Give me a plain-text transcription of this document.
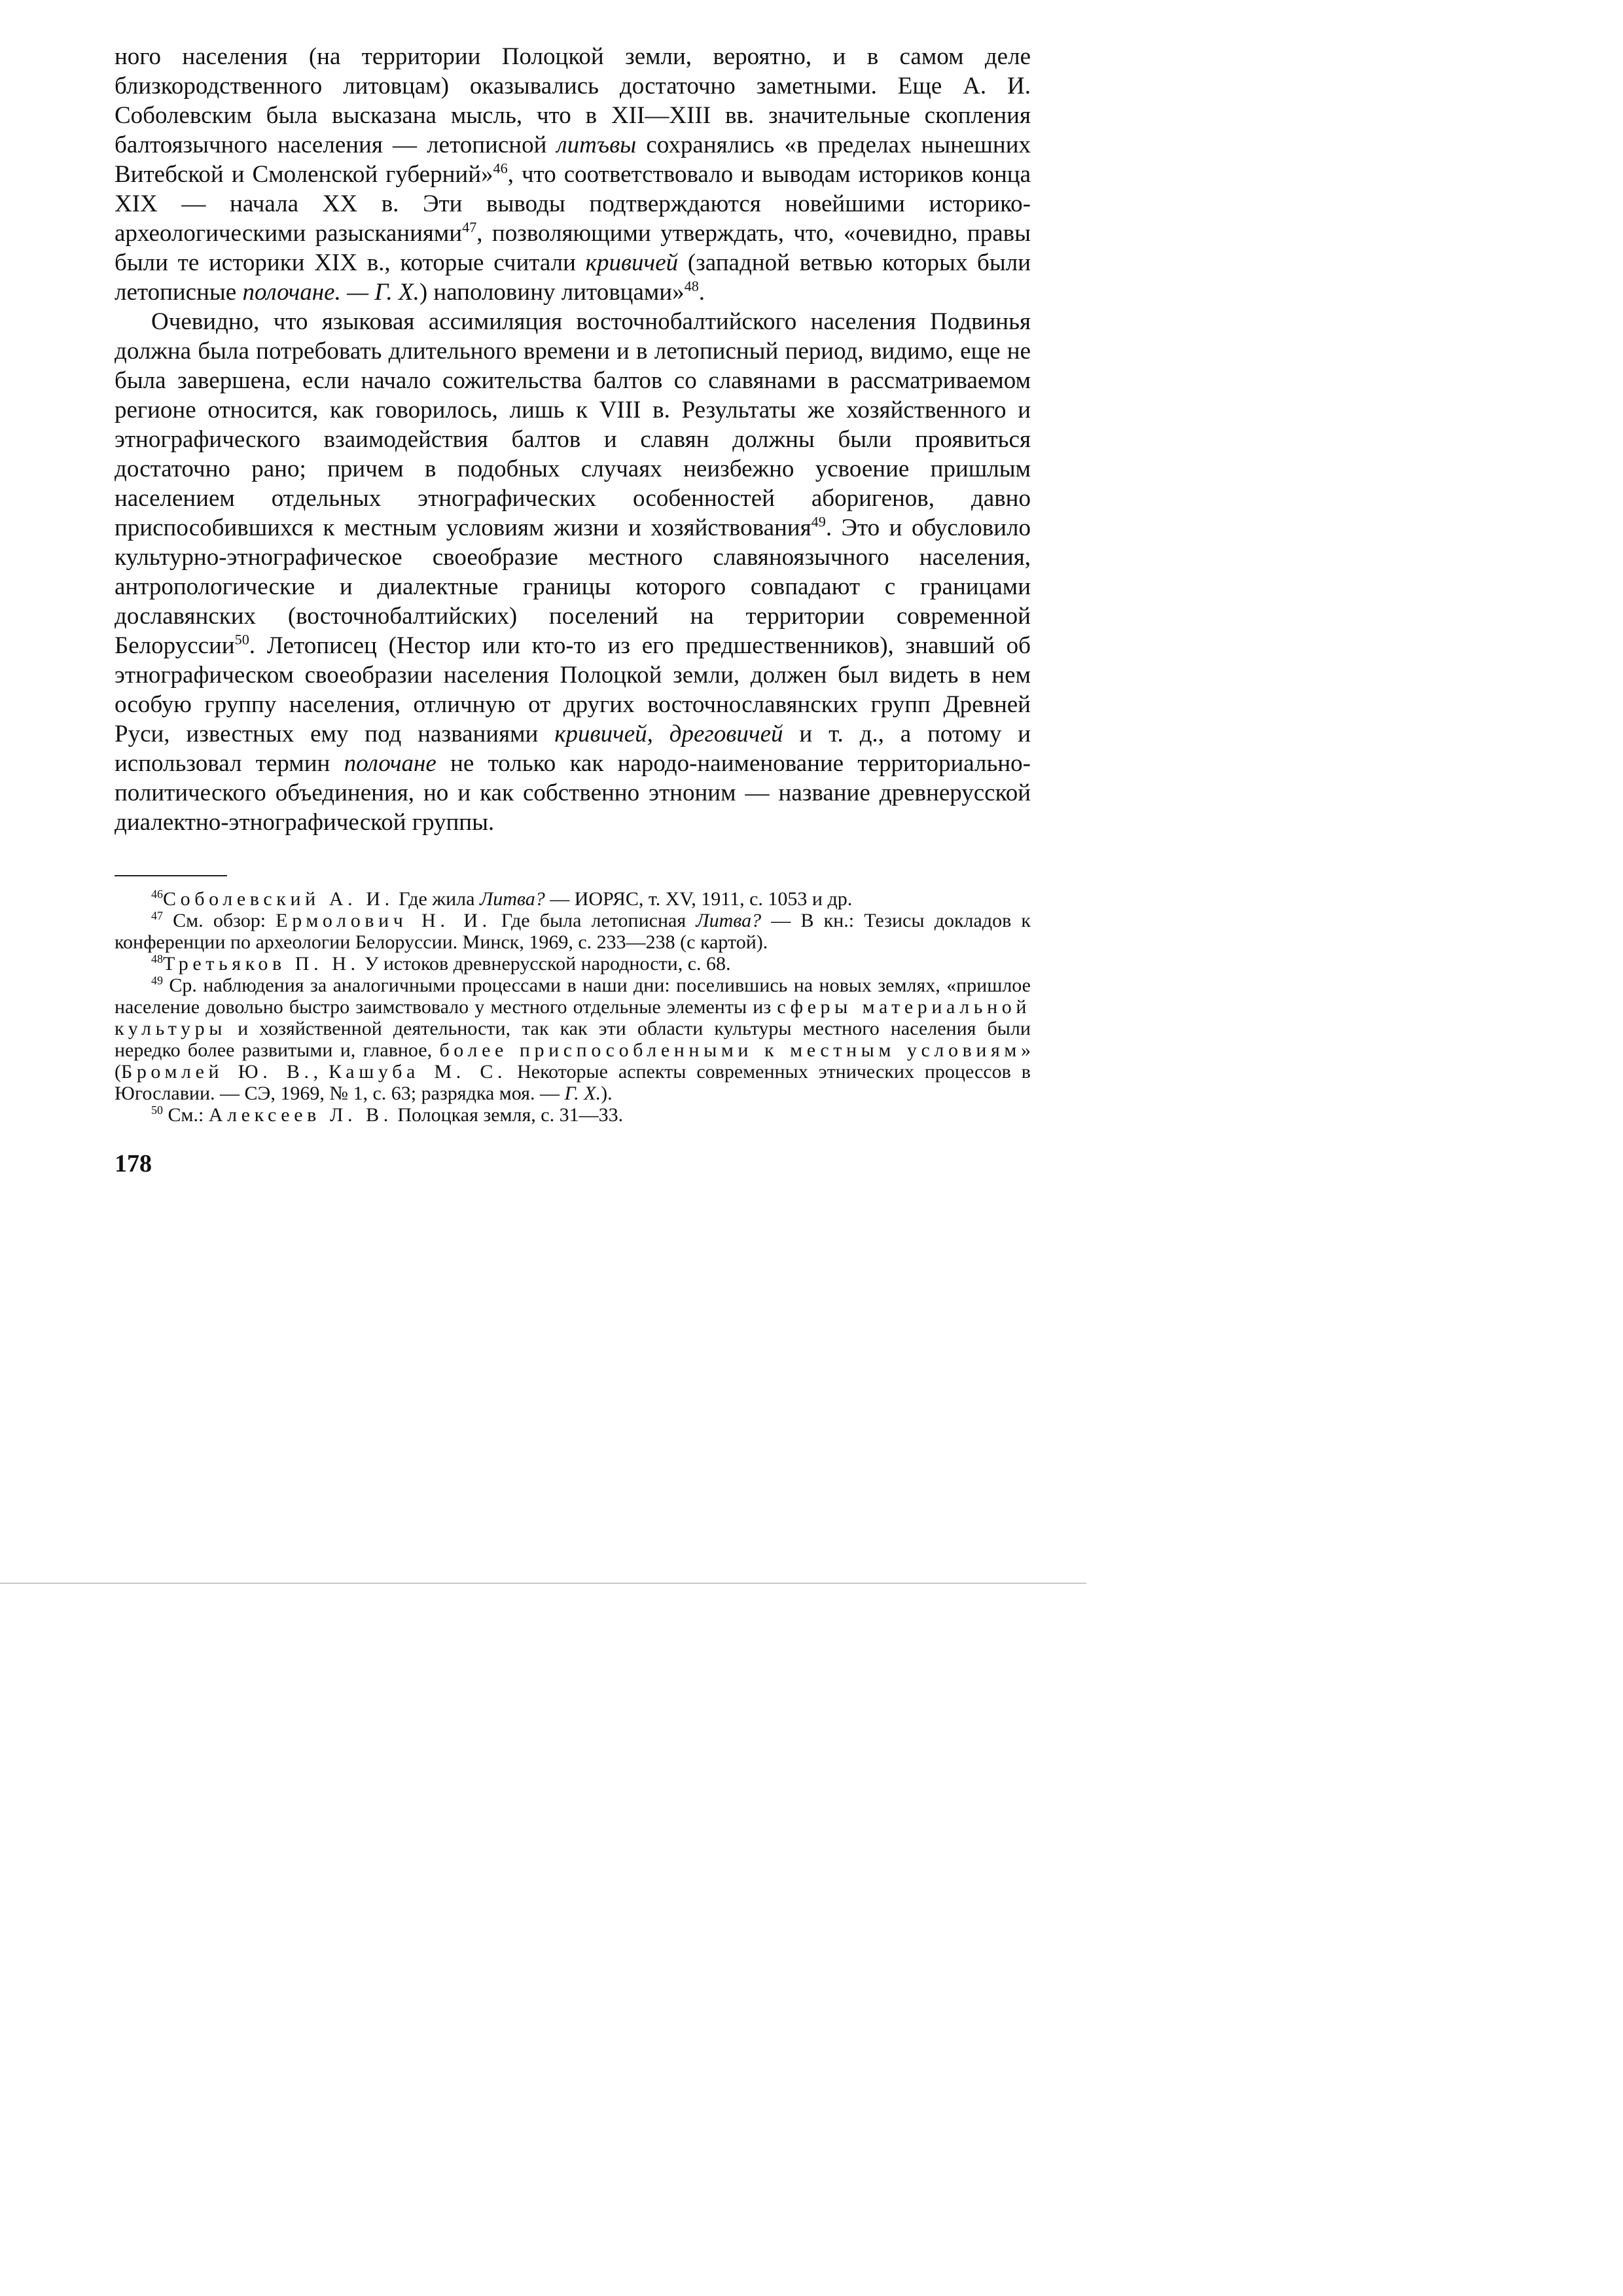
ного населения (на территории Полоцкой земли, вероятно, и в самом деле близкородственного литовцам) оказывались достаточно заметными. Еще А. И. Соболевским была высказана мысль, что в XII—XIII вв. значительные скопления балтоязычного населения — летописной литъвы сохранялись «в пределах нынешних Витебской и Смоленской губерний»$^{46}$, что соответствовало и выводам историков конца XIX — начала XX в. Эти выводы подтверждаются новейшими историко-археологическими разысканиями$^{47}$, позволяющими утверждать, что, «очевидно, правы были те историки XIX в., которые считали кривичей (западной ветвью которых были летописные полочане. — Г. Х.) наполовину литовцами»$^{48}$.

Очевидно, что языковая ассимиляция восточнобалтийского населения Подвинья должна была потребовать длительного времени и в летописный период, видимо, еще не была завершена, если начало сожительства балтов со славянами в рассматриваемом регионе относится, как говорилось, лишь к VIII в. Результаты же хозяйственного и этнографического взаимодействия балтов и славян должны были проявиться достаточно рано; причем в подобных случаях неизбежно усвоение пришлым населением отдельных этнографических особенностей аборигенов, давно приспособившихся к местным условиям жизни и хозяйствования$^{49}$. Это и обусловило культурно-этнографическое своеобразие местного славяноязычного населения, антропологические и диалектные границы которого совпадают с границами дославянских (восточнобалтийских) поселений на территории современной Белоруссии$^{50}$. Летописец (Нестор или кто-то из его предшественников), знавший об этнографическом своеобразии населения Полоцкой земли, должен был видеть в нем особую группу населения, отличную от других восточнославянских групп Древней Руси, известных ему под названиями кривичей, дреговичей и т. д., а потому и использовал термин полочане не только как народо-наименование территориально-политического объединения, но и как собственно этноним — название древнерусской диалектно-этнографической группы.

$^{46}$Соболевский А. И. Где жила Литва? — ИОРЯС, т. XV, 1911, с. 1053 и др.

$^{47}$ См. обзор: Ермолович Н. И. Где была летописная Литва? — В кн.: Тезисы докладов к конференции по археологии Белоруссии. Минск, 1969, с. 233—238 (с картой).

$^{48}$Третьяков П. Н. У истоков древнерусской народности, с. 68.

$^{49}$ Ср. наблюдения за аналогичными процессами в наши дни: поселившись на новых землях, «пришлое население довольно быстро заимствовало у местного отдельные элементы из сферы материальной культуры и хозяйственной деятельности, так как эти области культуры местного населения были нередко более развитыми и, главное, более приспособленными к местным условиям» (Бромлей Ю. В., Кашуба М. С. Некоторые аспекты современных этнических процессов в Югославии. — СЭ, 1969, № 1, с. 63; разрядка моя. — Г. Х.).

$^{50}$ См.: Алексеев Л. В. Полоцкая земля, с. 31—33.

178
